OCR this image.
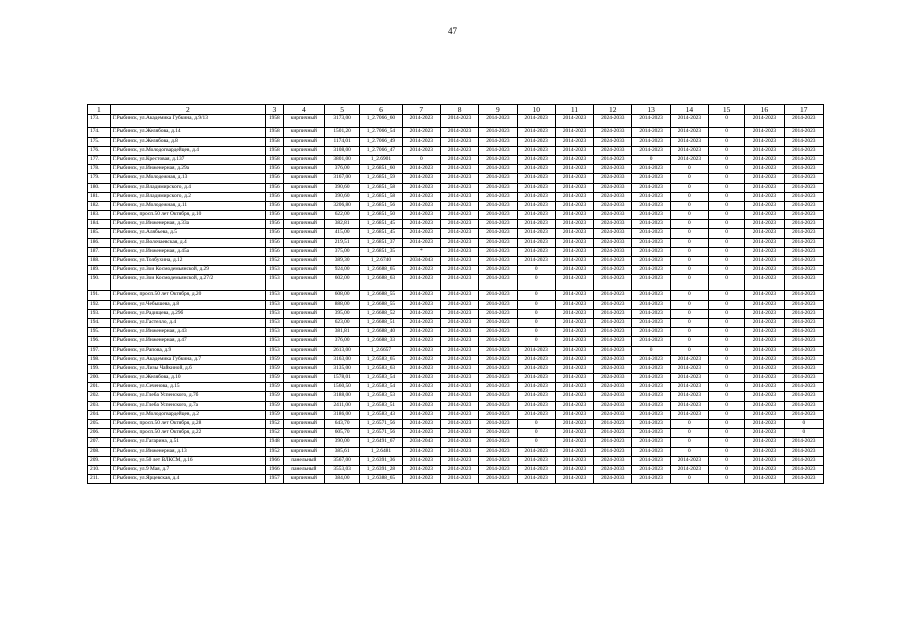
47
1	2	3	4	5	6	7	8	9	10	11	12	13	14	15	16	17
173.	Г.Рыбинск, ул.Академика Губкина, д.9/13	1958	кирпичный	3173,00	1_2.7066_60	2014-2023	2014-2023	2014-2023	2014-2023	2014-2023	2024-2033	2014-2023	2014-2023	0	2014-2023	2014-2023
174.	Г.Рыбинск, ул.Желябова, д.14	1958	кирпичный	1501,20	1_2.7066_54	2014-2023	2014-2023	2014-2023	2014-2023	2014-2023	2024-2033	2014-2023	2014-2023	0	2014-2023	2014-2023
175.	Г.Рыбинск, ул.Желябова, д.8	1958	кирпичный	1174,01	1_2.7066_49	2014-2023	2014-2023	2014-2023	2014-2023	2014-2023	2024-2033	2014-2023	2014-2023	0	2014-2023	2014-2023
176.	Г.Рыбинск, ул.Молодогвардейцев, д.4	1958	кирпичный	3108,00	1_2.7066_47	2014-2023	2014-2023	2014-2023	2014-2023	2014-2023	2024-2033	2014-2023	2014-2023	0	2014-2023	2014-2023
177.	Г.Рыбинск, ул.Крестовая, д.137	1958	кирпичный	3801,00	1_2.6901	0	2014-2023	2014-2023	2014-2023	2014-2023	2014-2023	0	2014-2023	0	2014-2023	2014-2023
178.	Г.Рыбинск, ул.Инженерная, д.29а	1956	кирпичный	376,00	1_2.6851_60	2014-2023	2014-2023	2014-2023	2014-2023	2014-2023	2024-2033	2014-2023	0	0	2014-2023	2014-2023
179.	Г.Рыбинск, ул.Молодежная, д.13	1956	кирпичный	3167,00	1_2.6851_59	2014-2023	2014-2023	2014-2023	2014-2023	2014-2023	2024-2033	2014-2023	0	0	2014-2023	2014-2023
180.	Г.Рыбинск, ул.Владимирского, д.4	1956	кирпичный	390,60	1_2.6851_58	2014-2023	2014-2023	2014-2023	2014-2023	2014-2023	2024-2033	2014-2023	0	0	2014-2023	2014-2023
181.	Г.Рыбинск, ул.Владимирского, д.2	1956	кирпичный	390,60	1_2.6851_58	2014-2023	2014-2023	2014-2023	2014-2023	2014-2023	2024-2033	2014-2023	0	0	2014-2023	2014-2023
182.	Г.Рыбинск, ул.Молодежная, д.11	1956	кирпичный	3206,80	1_2.6851_56	2014-2023	2014-2023	2014-2023	2014-2023	2014-2023	2024-2033	2014-2023	0	0	2014-2023	2014-2023
183.	Г.Рыбинск, просп.50 лет Октября, д.10	1956	кирпичный	622,00	1_2.6851_50	2014-2023	2014-2023	2014-2023	2014-2023	2014-2023	2024-2033	2014-2023	0	0	2014-2023	2014-2023
184.	Г.Рыбинск, ул.Инженерная, д.33а	1956	кирпичный	382,81	1_2.6851_45	2014-2023	2014-2023	2014-2023	2014-2023	2014-2023	2024-2033	2014-2023	0	0	2014-2023	2014-2023
185.	Г.Рыбинск, ул.Алябьева, д.5	1956	кирпичный	415,00	1_2.6851_45	2014-2023	2014-2023	2014-2023	2014-2023	2014-2023	2024-2033	2014-2023	0	0	2014-2023	2014-2023
186.	Г.Рыбинск, ул.Волочаевская, д.4	1956	кирпичный	219,51	1_2.6851_37	2014-2023	2014-2023	2014-2023	2014-2023	2014-2023	2024-2033	2014-2023	0	0	2014-2023	2014-2023
187.	Г.Рыбинск, ул.Инженерная, д.45а	1956	кирпичный	375,00	1_2.6851_35	*	2014-2023	2014-2023	2014-2023	2014-2023	2024-2033	2014-2023	0	0	2014-2023	2014-2023
188.	Г.Рыбинск, ул.Толбухина, д.12	1952	кирпичный	389,30	1_2.6740	2034-2043	2014-2023	2014-2023	2014-2023	2014-2023	2014-2023	2014-2023	0	0	2014-2023	2014-2023
189.	Г.Рыбинск, ул.Зои Космодемьянской, д.29	1953	кирпичный	924,00	1_2.6688_65	2014-2023	2014-2023	2014-2023	0	2014-2023	2014-2023	2014-2023	0	0	2014-2023	2014-2023
190.	Г.Рыбинск, ул.Зои Космодемьянской, д.27/2	1953	кирпичный	602,00	1_2.6688_63	2014-2023	2014-2023	2014-2023	0	2014-2023	2014-2023	2014-2023	0	0	2014-2023	2014-2023
191.	Г.Рыбинск, просп.50 лет Октября, д.20	1953	кирпичный	608,00	1_2.6688_55	2014-2023	2014-2023	2014-2023	0	2014-2023	2014-2023	2014-2023	0	0	2014-2023	2014-2023
192.	Г.Рыбинск, ул.Чебышева, д.8	1953	кирпичный	888,00	1_2.6688_55	2014-2023	2014-2023	2014-2023	0	2014-2023	2014-2023	2014-2023	0	0	2014-2023	2014-2023
193.	Г.Рыбинск, ул.Радищева, д.29б	1953	кирпичный	395,00	1_2.6688_52	2014-2023	2014-2023	2014-2023	0	2014-2023	2014-2023	2014-2023	0	0	2014-2023	2014-2023
194.	Г.Рыбинск, ул.Гастелло, д.4	1953	кирпичный	623,00	1_2.6688_51	2014-2023	2014-2023	2014-2023	0	2014-2023	2014-2023	2014-2023	0	0	2014-2023	2014-2023
195.	Г.Рыбинск, ул.Инженерная, д.43	1953	кирпичный	381,81	1_2.6688_40	2014-2023	2014-2023	2014-2023	0	2014-2023	2014-2023	2014-2023	0	0	2014-2023	2014-2023
196.	Г.Рыбинск, ул.Инженерная, д.47	1953	кирпичный	376,00	1_2.6688_33	2014-2023	2014-2023	2014-2023	0	2014-2023	2014-2023	2014-2023	0	0	2014-2023	2014-2023
197.	Г.Рыбинск, ул.Рапова, д.9	1953	кирпичный	2613,00	1_2.6657	2014-2023	2014-2023	2014-2023	2014-2023	2014-2023	2014-2023	0	0	0	2014-2023	2014-2023
198.	Г.Рыбинск, ул.Академика Губкина, д.7	1959	кирпичный	3163,00	1_2.6583_65	2014-2023	2014-2023	2014-2023	2014-2023	2014-2023	2024-2033	2014-2023	2014-2023	0	2014-2023	2014-2023
199.	Г.Рыбинск, ул.Лизы Чайкиной, д.6	1959	кирпичный	3135,00	1_2.6583_63	2014-2023	2014-2023	2014-2023	2014-2023	2014-2023	2024-2033	2014-2023	2014-2023	0	2014-2023	2014-2023
200.	Г.Рыбинск, ул.Желябова, д.10	1959	кирпичный	1578,01	1_2.6583_54	2014-2023	2014-2023	2014-2023	2014-2023	2014-2023	2024-2033	2014-2023	2014-2023	0	2014-2023	2014-2023
201.	Г.Рыбинск, ул.Сеченова, д.15	1959	кирпичный	1560,50	1_2.6583_54	2014-2023	2014-2023	2014-2023	2014-2023	2014-2023	2024-2033	2014-2023	2014-2023	0	2014-2023	2014-2023
202.	Г.Рыбинск, ул.Глеба Успенского, д.7б	1959	кирпичный	3188,00	1_2.6583_53	2014-2023	2014-2023	2014-2023	2014-2023	2014-2023	2024-2033	2014-2023	2014-2023	0	2014-2023	2014-2023
203.	Г.Рыбинск, ул.Глеба Успенского, д.7а	1959	кирпичный	2411,00	1_2.6583_51	2014-2023	2014-2023	2014-2023	2014-2023	2014-2023	2024-2033	2014-2023	2014-2023	0	2014-2023	2014-2023
204.	Г.Рыбинск, ул.Молодогвардейцев, д.2	1959	кирпичный	3186,00	1_2.6583_43	2014-2023	2014-2023	2014-2023	2014-2023	2014-2023	2024-2033	2014-2023	2014-2023	0	2014-2023	2014-2023
205.	Г.Рыбинск, просп.50 лет Октября, д.28	1952	кирпичный	643,70	1_2.6571_56	2014-2023	2014-2023	2014-2023	0	2014-2023	2014-2023	2014-2023	0	0	2014-2023	0
206.	Г.Рыбинск, просп.50 лет Октября, д.22	1952	кирпичный	605,70	1_2.6571_56	2014-2023	2014-2023	2014-2023	0	2014-2023	2014-2023	2014-2023	0	0	2014-2023	0
207.	Г.Рыбинск, ул.Гагарина, д.51	1948	кирпичный	390,00	1_2.6491_67	2034-2043	2014-2023	2014-2023	0	2014-2023	2014-2023	2014-2023	0	0	2014-2023	2014-2023
208.	Г.Рыбинск, ул.Инженерная, д.13	1952	кирпичный	385,61	1_2.6481	2014-2023	2014-2023	2014-2023	2014-2023	2014-2023	2014-2023	2014-2023	0	0	2014-2023	2014-2023
209.	Г.Рыбинск, ул.50 лет ВЛКСМ, д.16	1966	панельный	3567,00	1_2.6391_36	2014-2023	2014-2023	2014-2023	2014-2023	2014-2023	2024-2033	2014-2023	2014-2023	0	2014-2023	2014-2023
210.	Г.Рыбинск, ул.9 Мая, д.7	1966	панельный	3553,03	1_2.6391_28	2014-2023	2014-2023	2014-2023	2014-2023	2014-2023	2024-2033	2014-2023	2014-2023	0	2014-2023	2014-2023
211.	Г.Рыбинск, ул.Ярцевская, д.4	1957	кирпичный	384,00	1_2.6388_65	2014-2023	2014-2023	2014-2023	2014-2023	2014-2023	2024-2033	2014-2023	0	0	2014-2023	2014-2023
